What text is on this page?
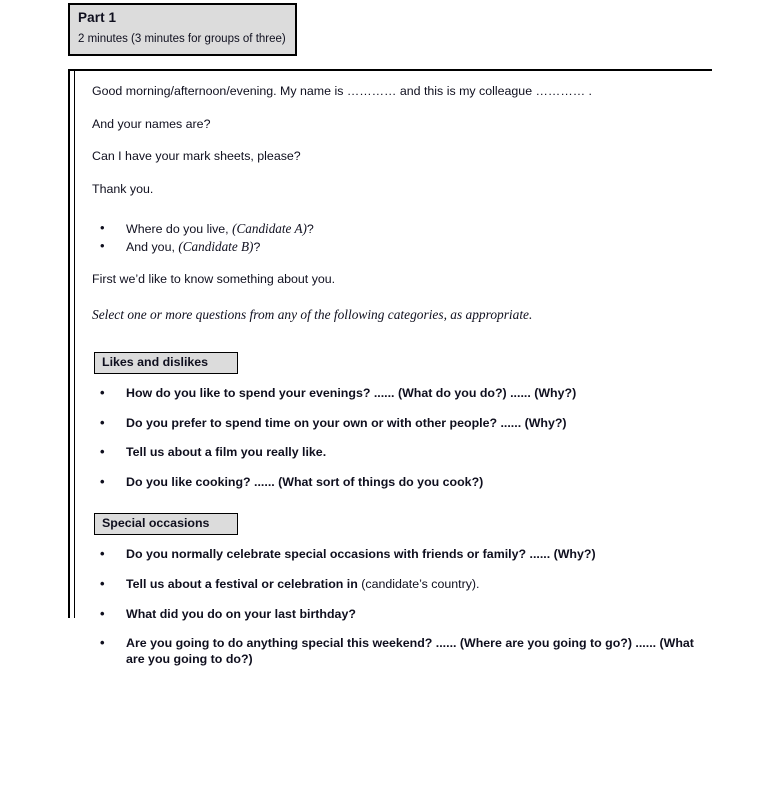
Part 1
2 minutes (3 minutes for groups of three)

Good morning/afternoon/evening. My name is ………… and this is my colleague ………… .

And your names are?

Can I have your mark sheets, please?

Thank you.

• Where do you live, (Candidate A)?
• And you, (Candidate B)?

First we’d like to know something about you.

Select one or more questions from any of the following categories, as appropriate.

Likes and dislikes
• How do you like to spend your evenings? ...... (What do you do?) ...... (Why?)
• Do you prefer to spend time on your own or with other people? ...... (Why?)
• Tell us about a film you really like.
• Do you like cooking? ...... (What sort of things do you cook?)
Special occasions
• Do you normally celebrate special occasions with friends or family? ...... (Why?)
• Tell us about a festival or celebration in (candidate’s country).
• What did you do on your last birthday?
• Are you going to do anything special this weekend? ...... (Where are you going to go?) ...... (What are you going to do?)
